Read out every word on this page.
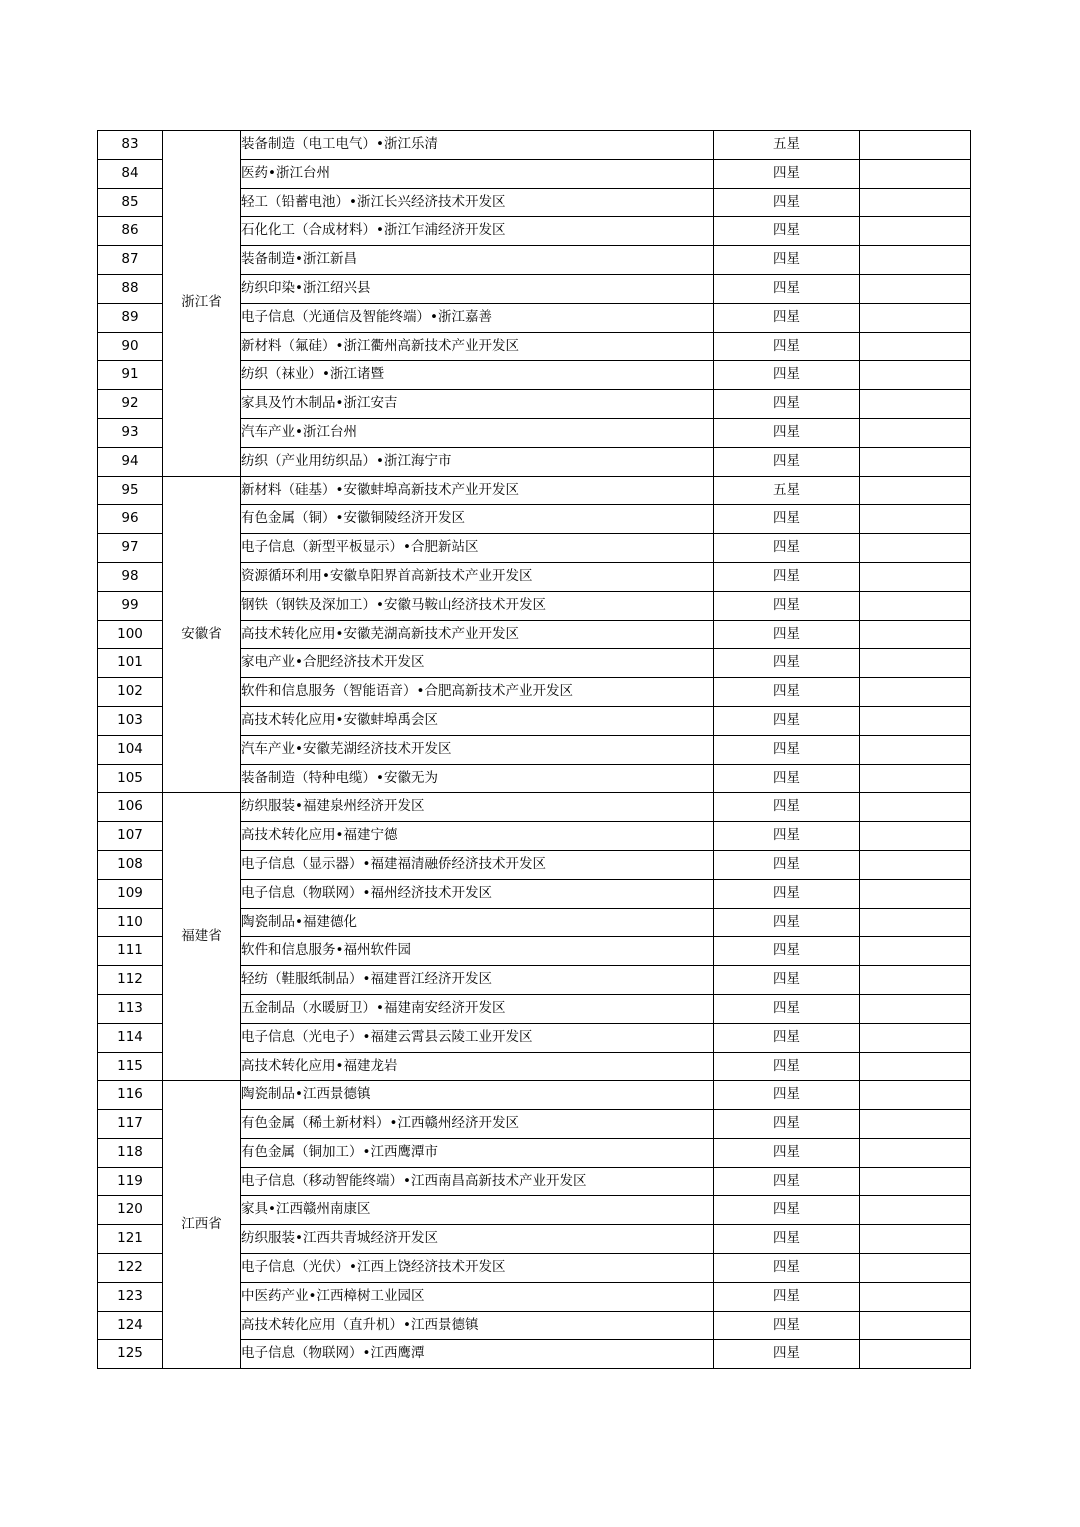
83	浙江省	装备制造（电工电气）•浙江乐清	五星	
84		医药•浙江台州	四星	
85		轻工（铅蓄电池）•浙江长兴经济技术开发区	四星	
86		石化化工（合成材料）•浙江乍浦经济开发区	四星	
87		装备制造•浙江新昌	四星	
88		纺织印染•浙江绍兴县	四星	
89		电子信息（光通信及智能终端）•浙江嘉善	四星	
90		新材料（氟硅）•浙江衢州高新技术产业开发区	四星	
91		纺织（袜业）•浙江诸暨	四星	
92		家具及竹木制品•浙江安吉	四星	
93		汽车产业•浙江台州	四星	
94		纺织（产业用纺织品）•浙江海宁市	四星	
95	安徽省	新材料（硅基）•安徽蚌埠高新技术产业开发区	五星	
96		有色金属（铜）•安徽铜陵经济开发区	四星	
97		电子信息（新型平板显示）•合肥新站区	四星	
98		资源循环利用•安徽阜阳界首高新技术产业开发区	四星	
99		钢铁（钢铁及深加工）•安徽马鞍山经济技术开发区	四星	
100		高技术转化应用•安徽芜湖高新技术产业开发区	四星	
101		家电产业•合肥经济技术开发区	四星	
102		软件和信息服务（智能语音）•合肥高新技术产业开发区	四星	
103		高技术转化应用•安徽蚌埠禹会区	四星	
104		汽车产业•安徽芜湖经济技术开发区	四星	
105		装备制造（特种电缆）•安徽无为	四星	
106	福建省	纺织服装•福建泉州经济开发区	四星	
107		高技术转化应用•福建宁德	四星	
108		电子信息（显示器）•福建福清融侨经济技术开发区	四星	
109		电子信息（物联网）•福州经济技术开发区	四星	
110		陶瓷制品•福建德化	四星	
111		软件和信息服务•福州软件园	四星	
112		轻纺（鞋服纸制品）•福建晋江经济开发区	四星	
113		五金制品（水暖厨卫）•福建南安经济开发区	四星	
114		电子信息（光电子）•福建云霄县云陵工业开发区	四星	
115		高技术转化应用•福建龙岩	四星	
116	江西省	陶瓷制品•江西景德镇	四星	
117		有色金属（稀土新材料）•江西赣州经济开发区	四星	
118		有色金属（铜加工）•江西鹰潭市	四星	
119		电子信息（移动智能终端）•江西南昌高新技术产业开发区	四星	
120		家具•江西赣州南康区	四星	
121		纺织服装•江西共青城经济开发区	四星	
122		电子信息（光伏）•江西上饶经济技术开发区	四星	
123		中医药产业•江西樟树工业园区	四星	
124		高技术转化应用（直升机）•江西景德镇	四星	
125		电子信息（物联网）•江西鹰潭	四星	
